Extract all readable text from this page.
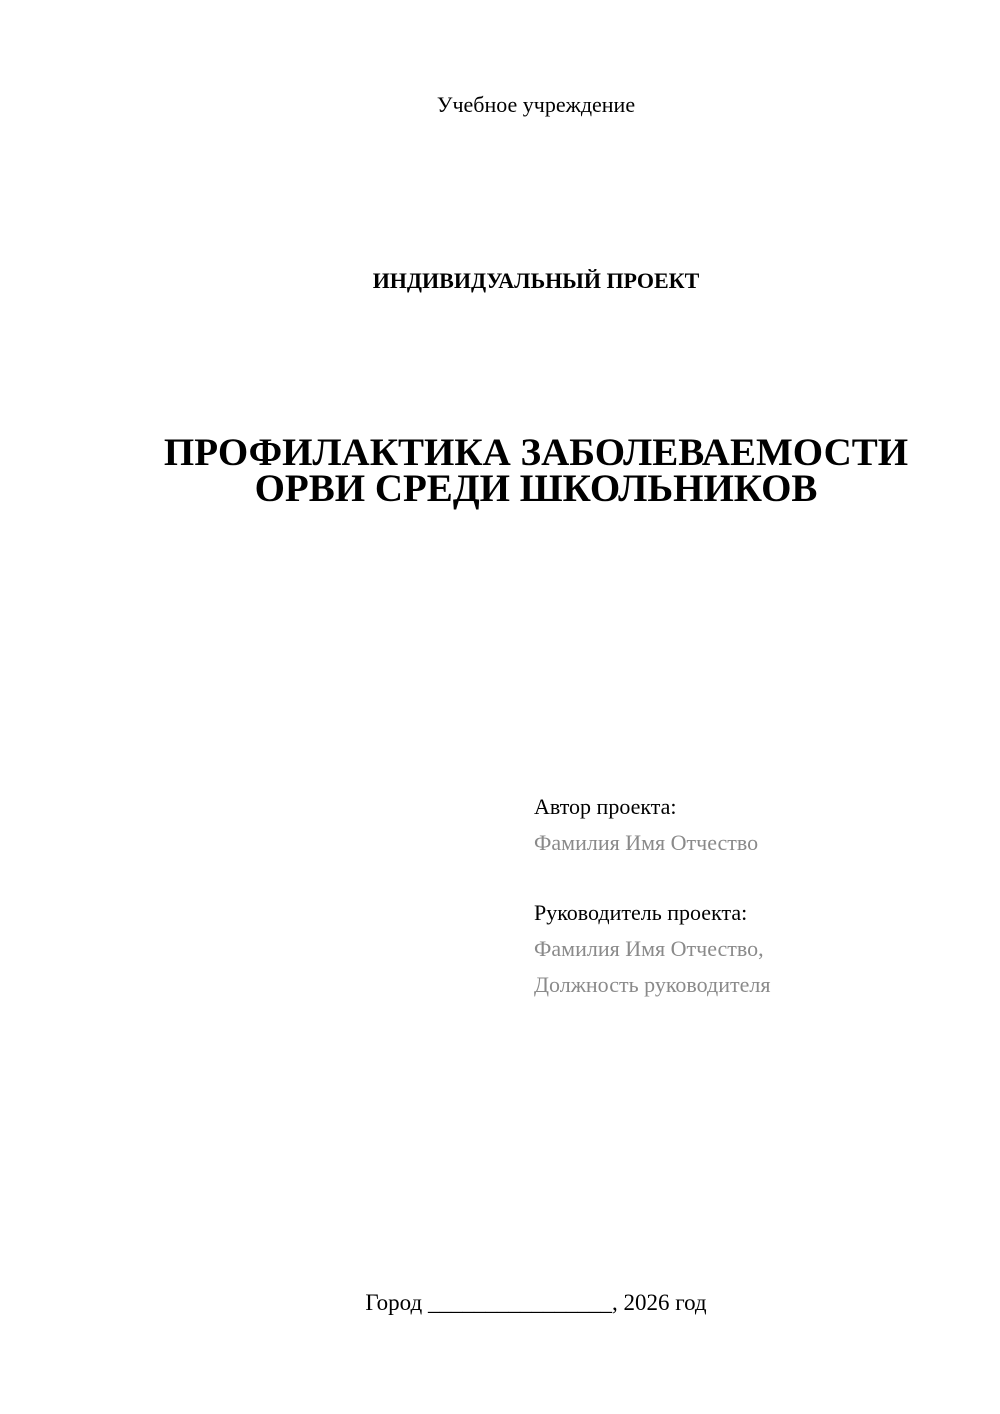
Учебное учреждение
ИНДИВИДУАЛЬНЫЙ ПРОЕКТ
ПРОФИЛАКТИКА ЗАБОЛЕВАЕМОСТИ
ОРВИ СРЕДИ ШКОЛЬНИКОВ
Автор проекта:
Фамилия Имя Отчество
Руководитель проекта:
Фамилия Имя Отчество,
Должность руководителя
Город ________________, 2026 год
